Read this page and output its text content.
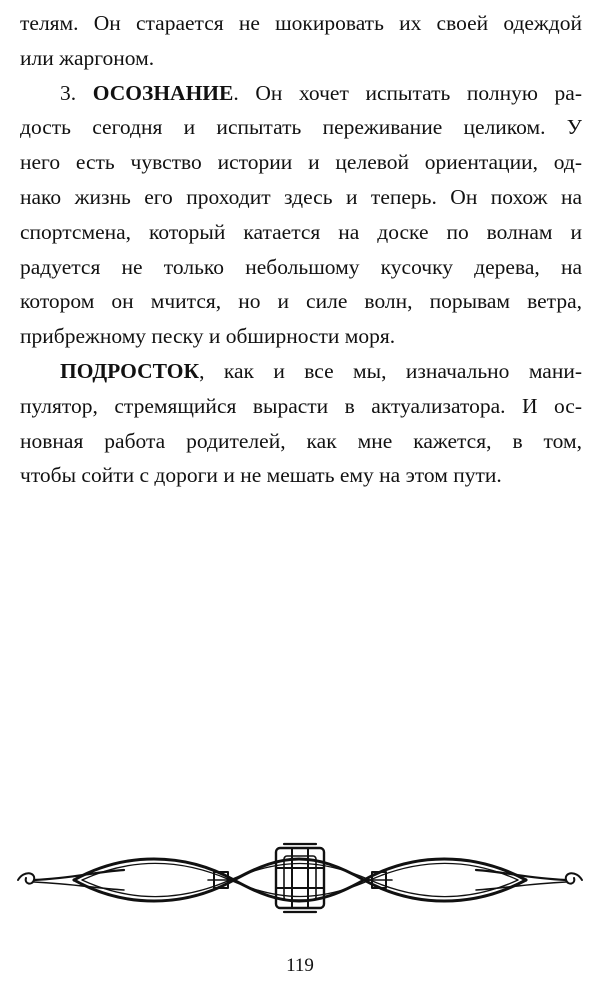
телям. Он старается не шокировать их своей одеждой
или жаргоном.
3. ОСОЗНАНИЕ. Он хочет испытать полную ра-
дость сегодня и испытать переживание целиком. У
него есть чувство истории и целевой ориентации, од-
нако жизнь его проходит здесь и теперь. Он похож на
спортсмена, который катается на доске по волнам и
радуется не только небольшому кусочку дерева, на
котором он мчится, но и силе волн, порывам ветра,
прибрежному песку и обширности моря.
ПОДРОСТОК, как и все мы, изначально мани-
пулятор, стремящийся вырасти в актуализатора. И ос-
новная работа родителей, как мне кажется, в том,
чтобы сойти с дороги и не мешать ему на этом пути.
119
